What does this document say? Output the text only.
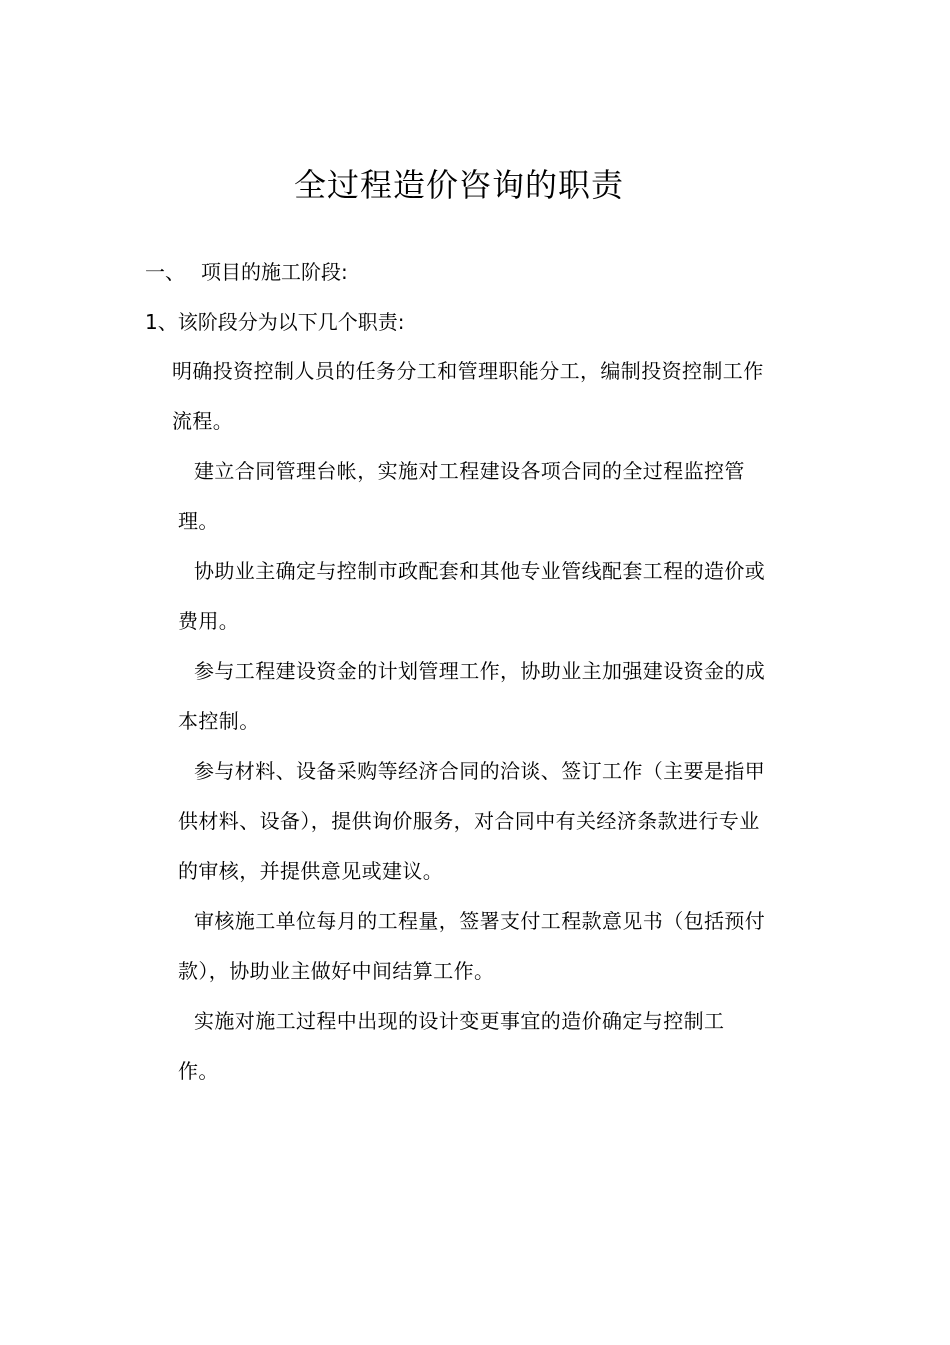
全过程造价咨询的职责
一、 项目的施工阶段:
1、该阶段分为以下几个职责:
明确投资控制人员的任务分工和管理职能分工，编制投资控制工作流程。
建立合同管理台帐，实施对工程建设各项合同的全过程监控管理。
协助业主确定与控制市政配套和其他专业管线配套工程的造价或费用。
参与工程建设资金的计划管理工作，协助业主加强建设资金的成本控制。
参与材料、设备采购等经济合同的洽谈、签订工作（主要是指甲供材料、设备），提供询价服务，对合同中有关经济条款进行专业的审核，并提供意见或建议。
审核施工单位每月的工程量，签署支付工程款意见书（包括预付款），协助业主做好中间结算工作。
实施对施工过程中出现的设计变更事宜的造价确定与控制工作。
